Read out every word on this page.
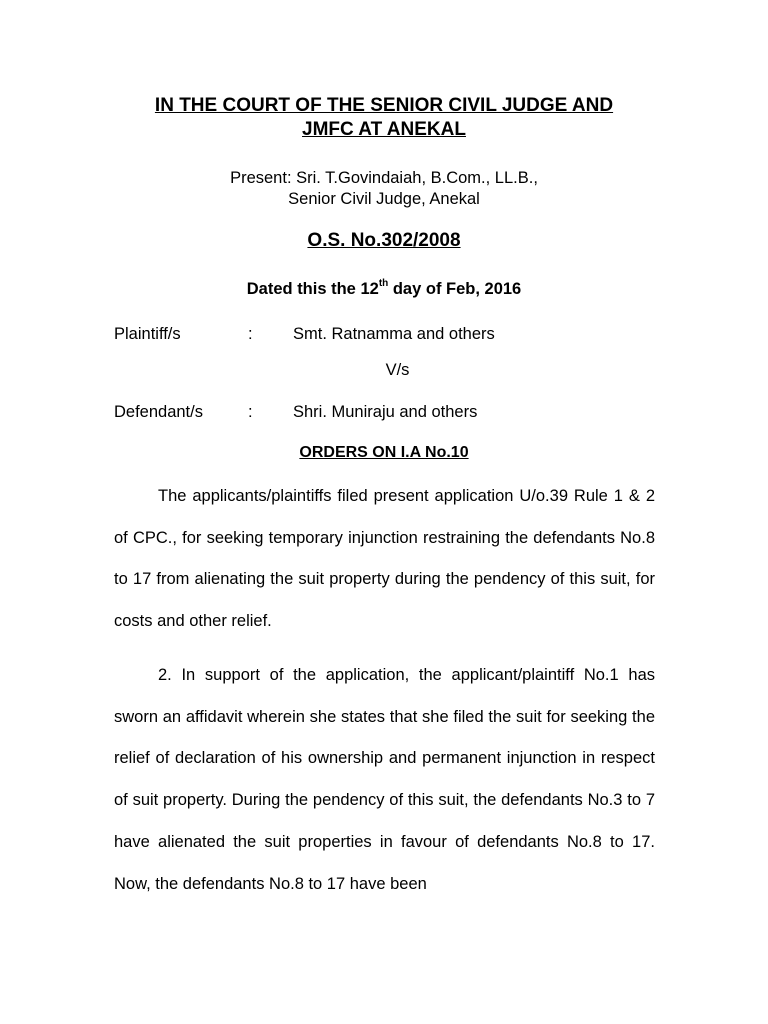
IN THE COURT OF THE SENIOR CIVIL JUDGE AND
JMFC AT ANEKAL
Present: Sri. T.Govindaiah, B.Com., LL.B.,
Senior Civil Judge, Anekal
O.S. No.302/2008
Dated this the 12th day of Feb, 2016
Plaintiff/s	: Smt. Ratnamma and others
V/s
Defendant/s	: Shri. Muniraju and others
ORDERS ON I.A No.10
The applicants/plaintiffs filed present application U/o.39 Rule 1 & 2 of CPC., for seeking temporary injunction restraining the defendants No.8 to 17 from alienating the suit property during the pendency of this suit, for costs and other relief.
2. In support of the application, the applicant/plaintiff No.1 has sworn an affidavit wherein she states that she filed the suit for seeking the relief of declaration of his ownership and permanent injunction in respect of suit property. During the pendency of this suit, the defendants No.3 to 7 have alienated the suit properties in favour of defendants No.8 to 17. Now, the defendants No.8 to 17 have been
